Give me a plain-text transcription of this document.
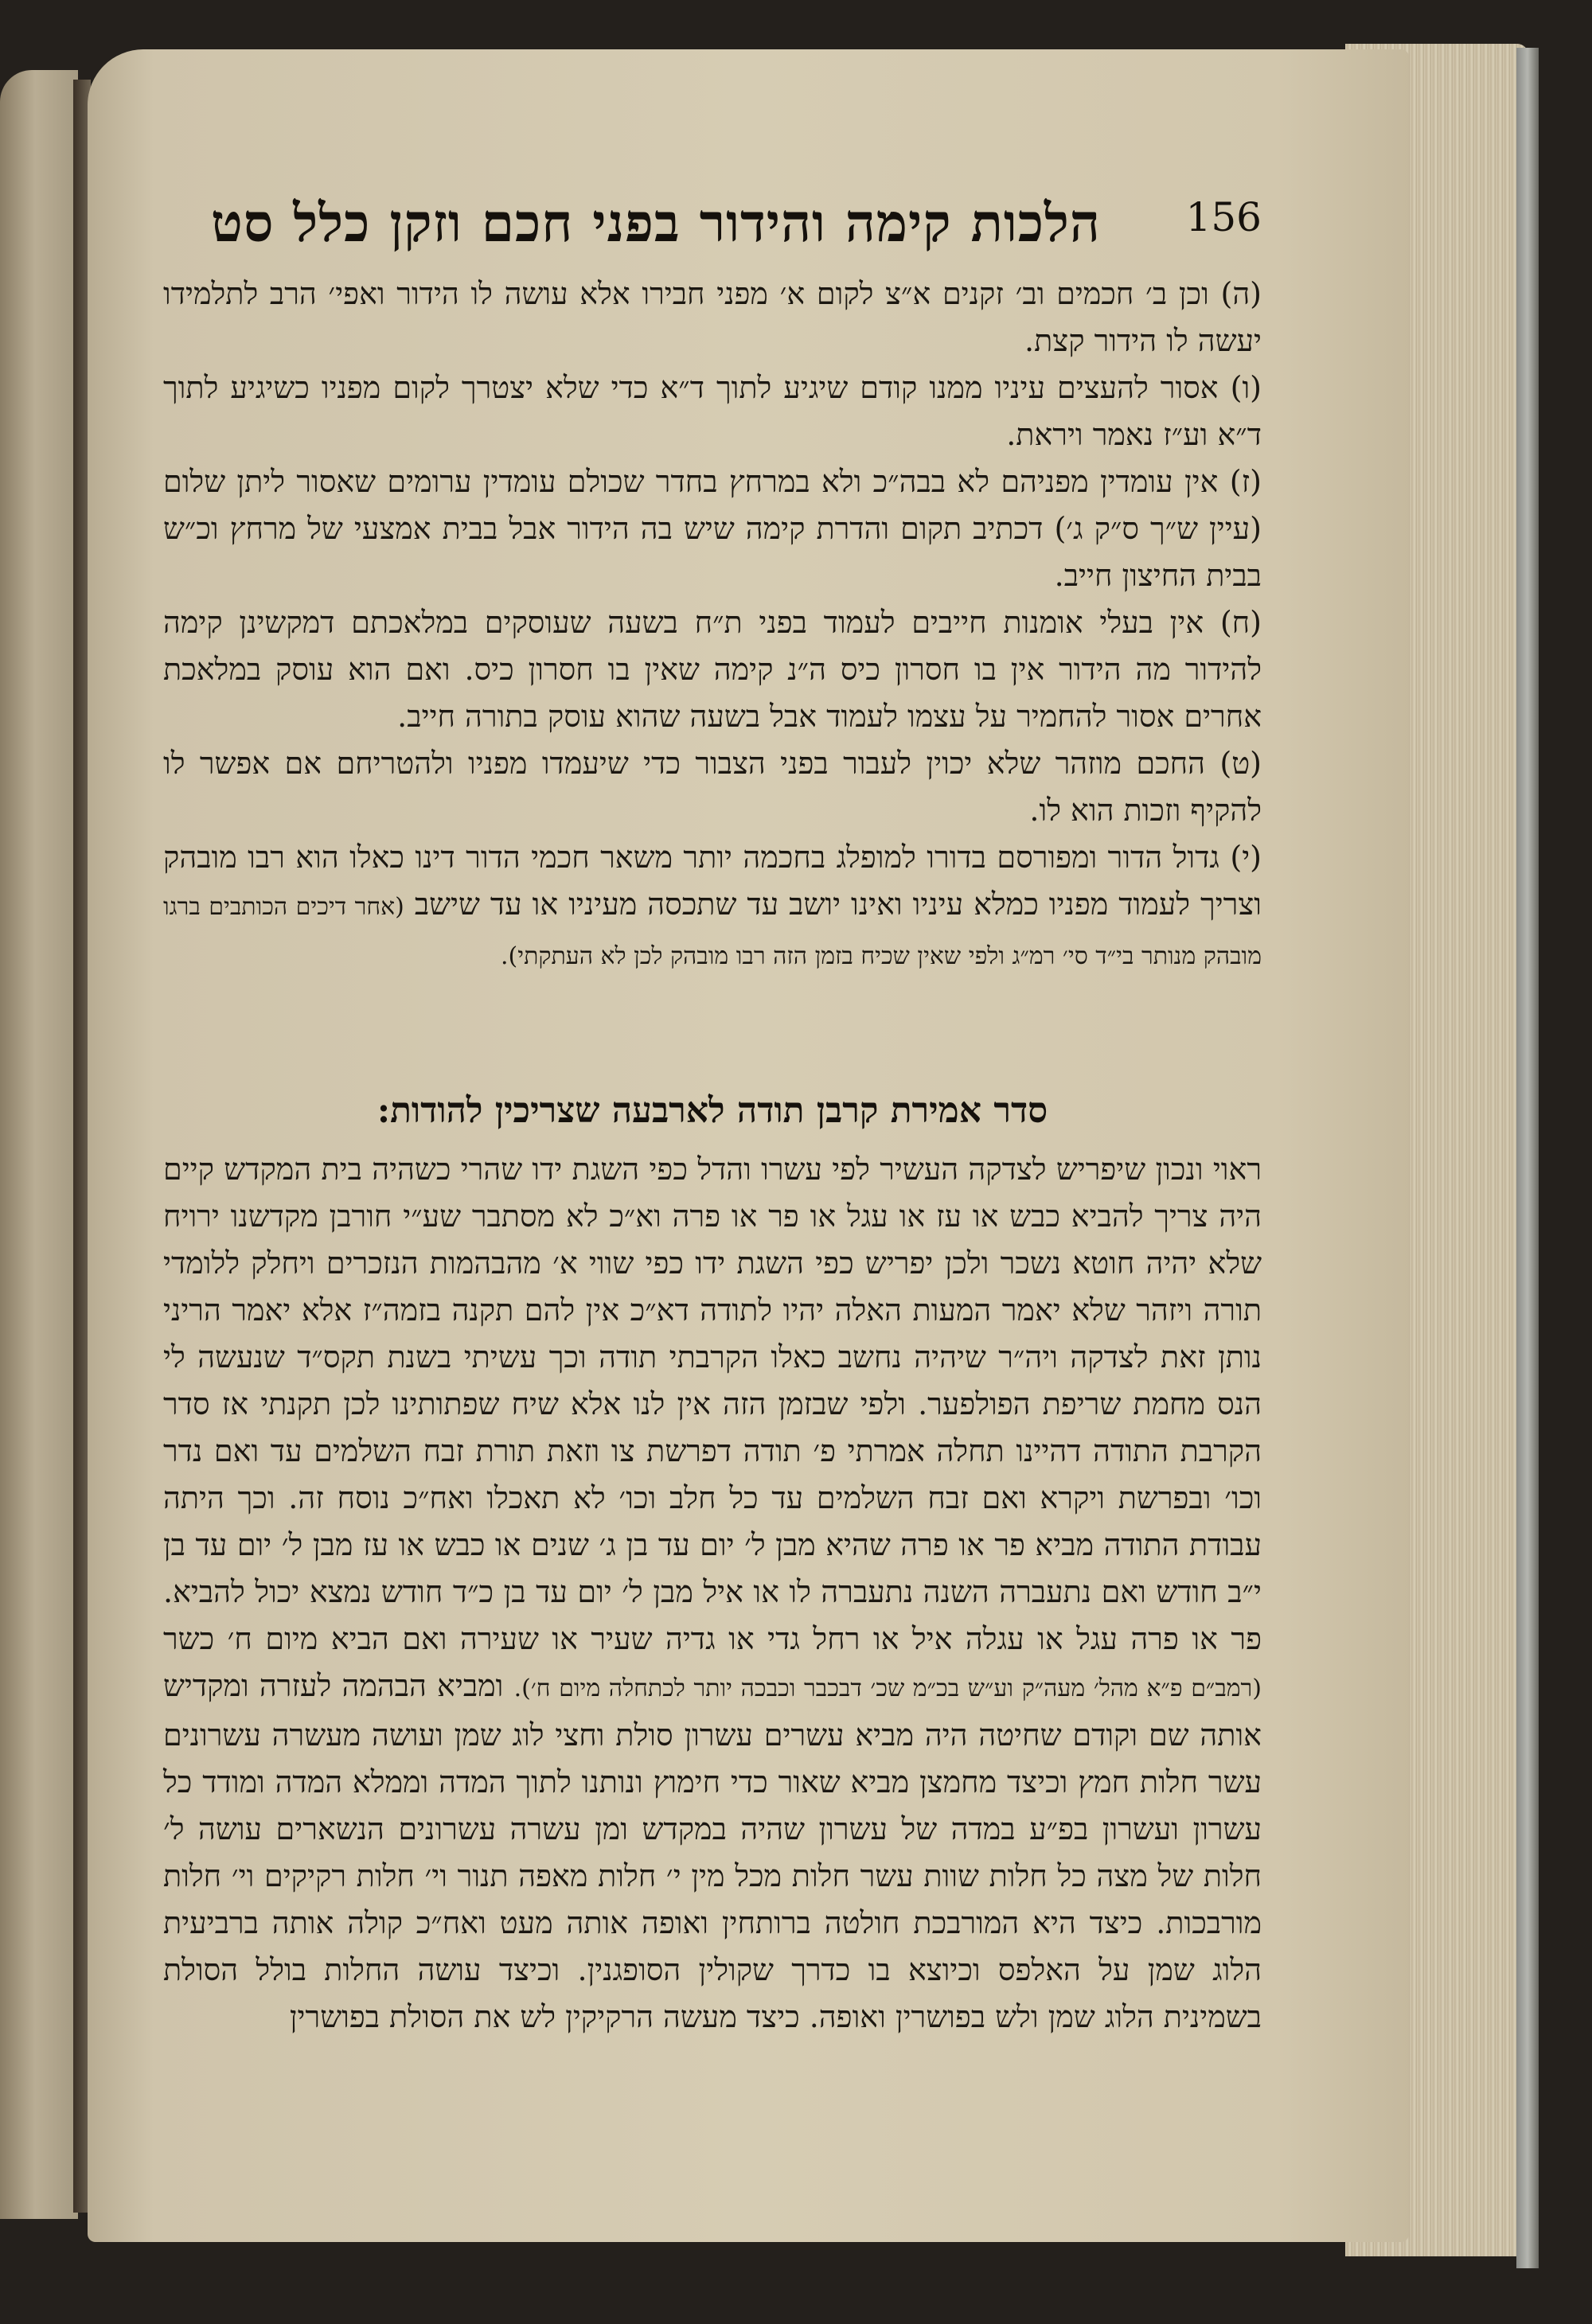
156
הלכות קימה והידור בפני חכם וזקן כלל סט

(ה) וכן ב׳ חכמים וב׳ זקנים א״צ לקום א׳ מפני חבירו אלא עושה לו הידור ואפי׳ הרב לתלמידו יעשה לו הידור קצת.

(ו) אסור להעצים עיניו ממנו קודם שיגיע לתוך ד״א כדי שלא יצטרך לקום מפניו כשיגיע לתוך ד״א וע״ז נאמר ויראת.

(ז) אין עומדין מפניהם לא בבה״כ ולא במרחץ בחדר שכולם עומדין ערומים שאסור ליתן שלום (עיין ש״ך ס״ק ג׳) דכתיב תקום והדרת קימה שיש בה הידור אבל בבית אמצעי של מרחץ וכ״ש בבית החיצון חייב.

(ח) אין בעלי אומנות חייבים לעמוד בפני ת״ח בשעה שעוסקים במלאכתם דמקשינן קימה להידור מה הידור אין בו חסרון כיס ה״נ קימה שאין בו חסרון כיס. ואם הוא עוסק במלאכת אחרים אסור להחמיר על עצמו לעמוד אבל בשעה שהוא עוסק בתורה חייב.

(ט) החכם מוזהר שלא יכוין לעבור בפני הצבור כדי שיעמדו מפניו ולהטריחם אם אפשר לו להקיף וזכות הוא לו.

(י) גדול הדור ומפורסם בדורו למופלג בחכמה יותר משאר חכמי הדור דינו כאלו הוא רבו מובהק וצריך לעמוד מפניו כמלא עיניו ואינו יושב עד שתכסה מעיניו או עד שישב (אחר דיכים הכותבים ברגו מובהק מנותר בי״ד סי׳ רמ״ג ולפי שאין שכיח בזמן הזה רבו מובהק לכן לא העתקתי).

סדר אמירת קרבן תודה לארבעה שצריכין להודות:

ראוי ונכון שיפריש לצדקה העשיר לפי עשרו והדל כפי השגת ידו שהרי כשהיה בית המקדש קיים היה צריך להביא כבש או עז או עגל או פר או פרה וא״כ לא מסתבר שע״י חורבן מקדשנו ירויח שלא יהיה חוטא נשכר ולכן יפריש כפי השגת ידו כפי שווי א׳ מהבהמות הנזכרים ויחלק ללומדי תורה ויזהר שלא יאמר המעות האלה יהיו לתודה דא״כ אין להם תקנה בזמה״ז אלא יאמר הריני נותן זאת לצדקה ויה״ר שיהיה נחשב כאלו הקרבתי תודה וכך עשיתי בשנת תקס״ד שנעשה לי הנס מחמת שריפת הפולפער. ולפי שבזמן הזה אין לנו אלא שיח שפתותינו לכן תקנתי אז סדר הקרבת התודה דהיינו תחלה אמרתי פ׳ תודה דפרשת צו וזאת תורת זבח השלמים עד ואם נדר וכו׳ ובפרשת ויקרא ואם זבח השלמים עד כל חלב וכו׳ לא תאכלו ואח״כ נוסח זה. וכך היתה עבודת התודה מביא פר או פרה שהיא מבן ל׳ יום עד בן ג׳ שנים או כבש או עז מבן ל׳ יום עד בן י״ב חודש ואם נתעברה השנה נתעברה לו או איל מבן ל׳ יום עד בן כ״ד חודש נמצא יכול להביא. פר או פרה עגל או עגלה איל או רחל גדי או גדיה שעיר או שעירה ואם הביא מיום ח׳ כשר (רמב״ם פ״א מהל׳ מעה״ק וע״ש בכ״מ שכ׳ דבכבר וכבכה יותר לכתחלה מיום ח׳). ומביא הבהמה לעזרה ומקדיש אותה שם וקודם שחיטה היה מביא עשרים עשרון סולת וחצי לוג שמן ועושה מעשרה עשרונים עשר חלות חמץ וכיצד מחמצן מביא שאור כדי חימוץ ונותנו לתוך המדה וממלא המדה ומודד כל עשרון ועשרון בפ״ע במדה של עשרון שהיה במקדש ומן עשרה עשרונים הנשארים עושה ל׳ חלות של מצה כל חלות שוות עשר חלות מכל מין י׳ חלות מאפה תנור וי׳ חלות רקיקים וי׳ חלות מורבכות. כיצד היא המורבכת חולטה ברותחין ואופה אותה מעט ואח״כ קולה אותה ברביעית הלוג שמן על האלפס וכיוצא בו כדרך שקולין הסופגנין. וכיצד עושה החלות בולל הסולת בשמינית הלוג שמן ולש בפושרין ואופה. כיצד מעשה הרקיקין לש את הסולת בפושרין
